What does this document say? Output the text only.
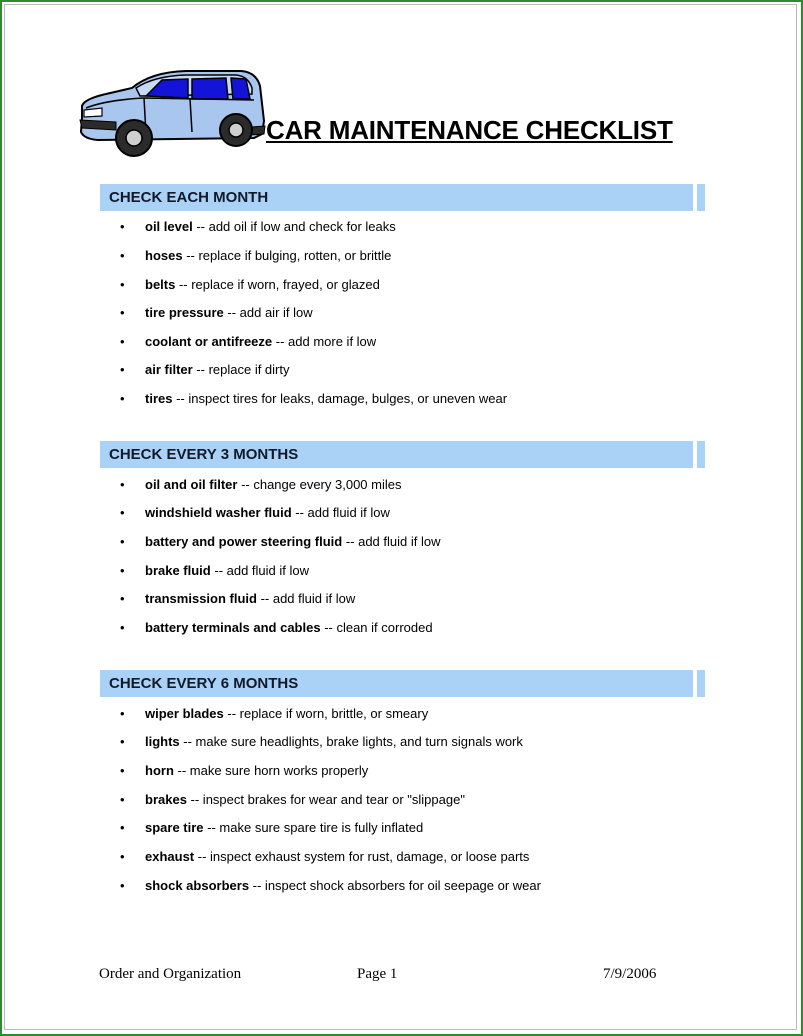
CAR MAINTENANCE CHECKLIST
CHECK EACH MONTH
• oil level -- add oil if low and check for leaks
• hoses -- replace if bulging, rotten, or brittle
• belts -- replace if worn, frayed, or glazed
• tire pressure -- add air if low
• coolant or antifreeze -- add more if low
• air filter -- replace if dirty
• tires -- inspect tires for leaks, damage, bulges, or uneven wear
CHECK EVERY 3 MONTHS
• oil and oil filter -- change every 3,000 miles
• windshield washer fluid -- add fluid if low
• battery and power steering fluid -- add fluid if low
• brake fluid -- add fluid if low
• transmission fluid -- add fluid if low
• battery terminals and cables -- clean if corroded
CHECK EVERY 6 MONTHS
• wiper blades -- replace if worn, brittle, or smeary
• lights -- make sure headlights, brake lights, and turn signals work
• horn -- make sure horn works properly
• brakes -- inspect brakes for wear and tear or "slippage"
• spare tire -- make sure spare tire is fully inflated
• exhaust -- inspect exhaust system for rust, damage, or loose parts
• shock absorbers -- inspect shock absorbers for oil seepage or wear
Order and Organization	Page 1	7/9/2006
